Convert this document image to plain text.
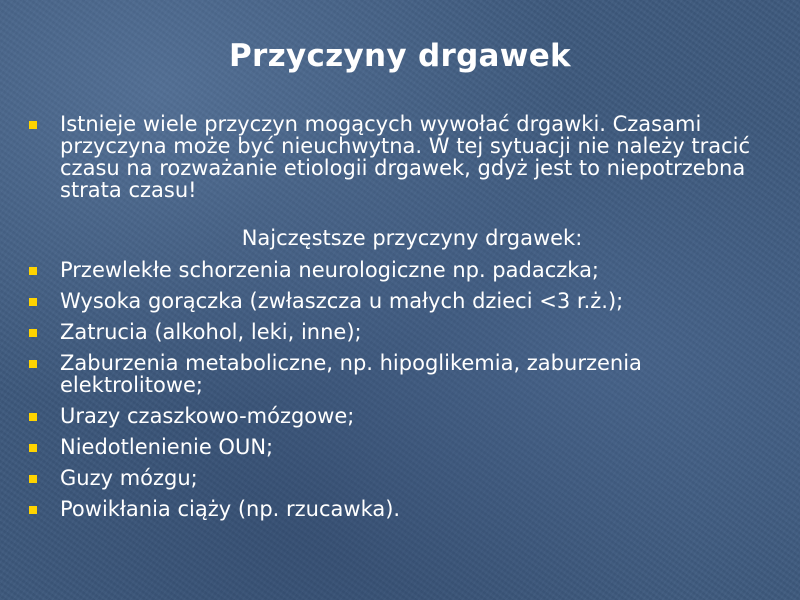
Przyczyny drgawek
Istnieje wiele przyczyn mogących wywołać drgawki. Czasami przyczyna może być nieuchwytna. W tej sytuacji nie należy tracić czasu na rozważanie etiologii drgawek, gdyż jest to niepotrzebna strata czasu!
Najczęstsze przyczyny drgawek:
Przewlekłe schorzenia neurologiczne np. padaczka;
Wysoka gorączka (zwłaszcza u małych dzieci <3 r.ż.);
Zatrucia (alkohol, leki, inne);
Zaburzenia metaboliczne, np. hipoglikemia, zaburzenia elektrolitowe;
Urazy czaszkowo-mózgowe;
Niedotlenienie OUN;
Guzy mózgu;
Powikłania ciąży (np. rzucawka).
